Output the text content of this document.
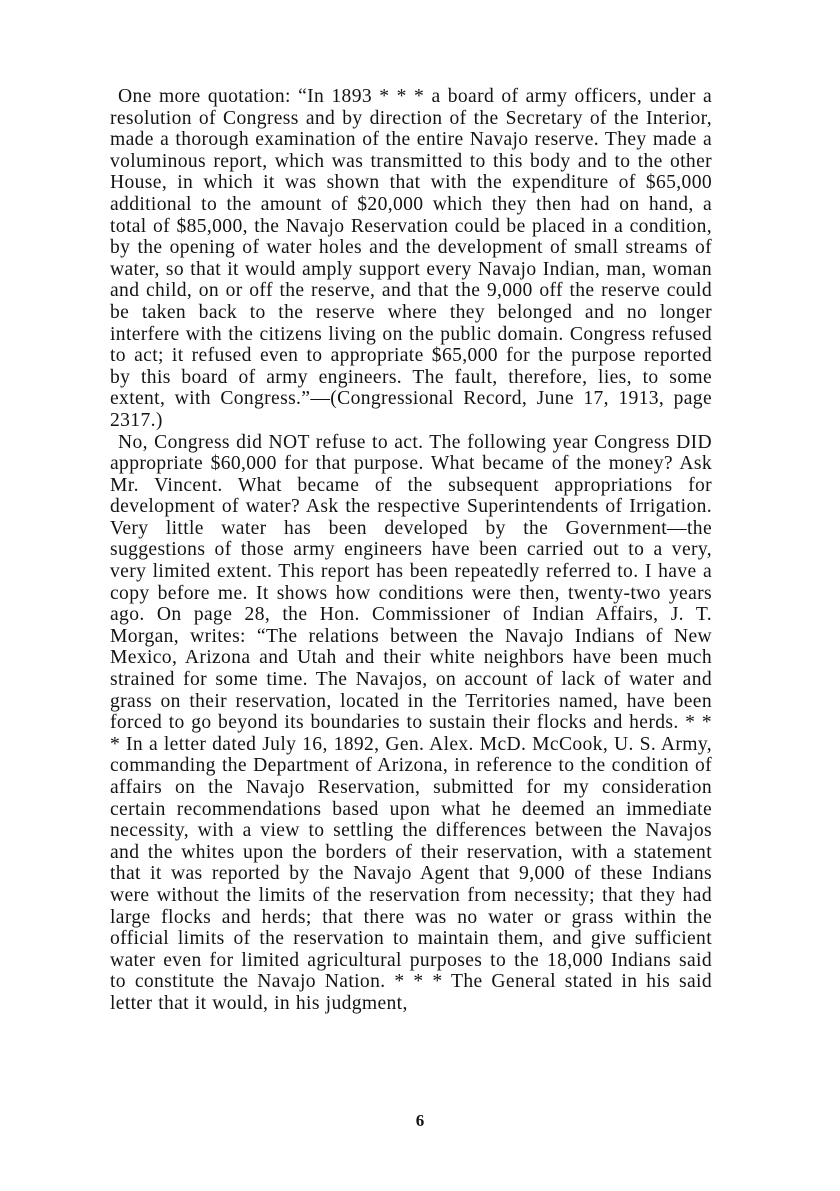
One more quotation: “In 1893 * * * a board of army officers, under a resolution of Congress and by direction of the Secretary of the Interior, made a thorough examination of the entire Navajo reserve. They made a voluminous report, which was transmitted to this body and to the other House, in which it was shown that with the expenditure of $65,000 additional to the amount of $20,000 which they then had on hand, a total of $85,000, the Navajo Reservation could be placed in a condition, by the opening of water holes and the development of small streams of water, so that it would amply support every Navajo Indian, man, woman and child, on or off the reserve, and that the 9,000 off the reserve could be taken back to the reserve where they belonged and no longer interfere with the citizens living on the public domain. Congress refused to act; it refused even to appropriate $65,000 for the purpose reported by this board of army engineers. The fault, therefore, lies, to some extent, with Congress.”—(Congressional Record, June 17, 1913, page 2317.)

No, Congress did NOT refuse to act. The following year Congress DID appropriate $60,000 for that purpose. What became of the money? Ask Mr. Vincent. What became of the subsequent appropriations for development of water? Ask the respective Superintendents of Irrigation. Very little water has been developed by the Government—the suggestions of those army engineers have been carried out to a very, very limited extent. This report has been repeatedly referred to. I have a copy before me. It shows how conditions were then, twenty-two years ago. On page 28, the Hon. Commissioner of Indian Affairs, J. T. Morgan, writes: “The relations between the Navajo Indians of New Mexico, Arizona and Utah and their white neighbors have been much strained for some time. The Navajos, on account of lack of water and grass on their reservation, located in the Territories named, have been forced to go beyond its boundaries to sustain their flocks and herds. * * * In a letter dated July 16, 1892, Gen. Alex. McD. McCook, U. S. Army, commanding the Department of Arizona, in reference to the condition of affairs on the Navajo Reservation, submitted for my consideration certain recommendations based upon what he deemed an immediate necessity, with a view to settling the differences between the Navajos and the whites upon the borders of their reservation, with a statement that it was reported by the Navajo Agent that 9,000 of these Indians were without the limits of the reservation from necessity; that they had large flocks and herds; that there was no water or grass within the official limits of the reservation to maintain them, and give sufficient water even for limited agricultural purposes to the 18,000 Indians said to constitute the Navajo Nation. * * * The General stated in his said letter that it would, in his judgment,

6
